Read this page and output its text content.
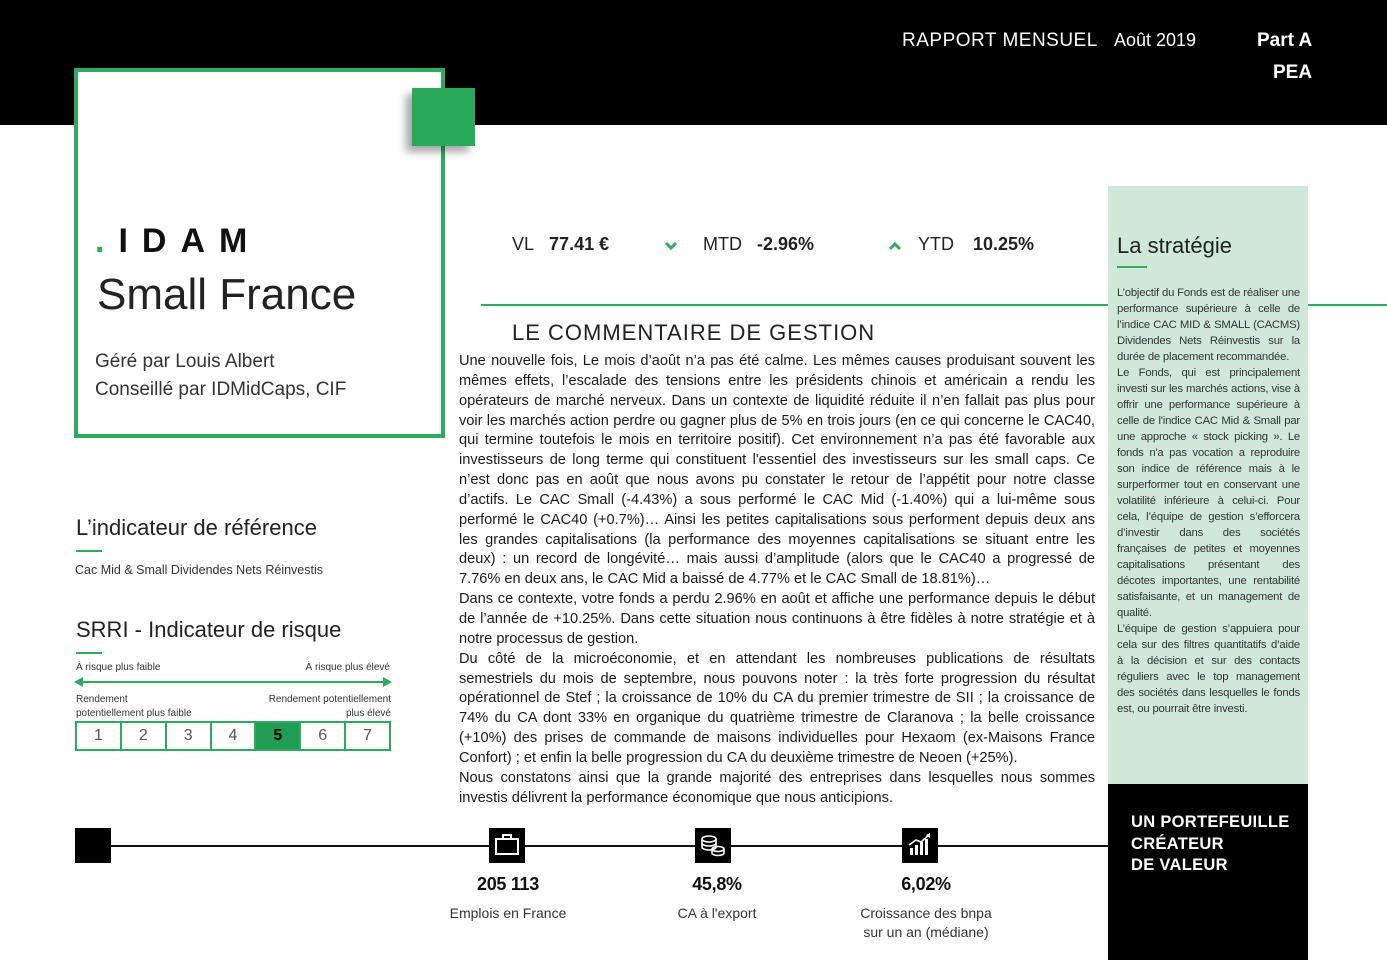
RAPPORT MENSUEL Août 2019	Part A
PEA
.IDAM
Small France
Géré par Louis Albert
Conseillé par IDMidCaps, CIF
VL 77.41 €	MTD -2.96%	YTD 10.25%
LE COMMENTAIRE DE GESTION

Une nouvelle fois, Le mois d’août n’a pas été calme. Les mêmes causes produisant souvent les mêmes effets, l’escalade des tensions entre les présidents chinois et américain a rendu les opérateurs de marché nerveux. Dans un contexte de liquidité réduite il n’en fallait pas plus pour voir les marchés action perdre ou gagner plus de 5% en trois jours (en ce qui concerne le CAC40, qui termine toutefois le mois en territoire positif). Cet environnement n’a pas été favorable aux investisseurs de long terme qui constituent l'essentiel des investisseurs sur les small caps. Ce n’est donc pas en août que nous avons pu constater le retour de l’appétit pour notre classe d’actifs. Le CAC Small (-4.43%) a sous performé le CAC Mid (-1.40%) qui a lui-même sous performé le CAC40 (+0.7%)… Ainsi les petites capitalisations sous performent depuis deux ans les grandes capitalisations (la performance des moyennes capitalisations se situant entre les deux) : un record de longévité… mais aussi d’amplitude (alors que le CAC40 a progressé de 7.76% en deux ans, le CAC Mid a baissé de 4.77% et le CAC Small de 18.81%)…

Dans ce contexte, votre fonds a perdu 2.96% en août et affiche une performance depuis le début de l’année de +10.25%. Dans cette situation nous continuons à être fidèles à notre stratégie et à notre processus de gestion.

Du côté de la microéconomie, et en attendant les nombreuses publications de résultats semestriels du mois de septembre, nous pouvons noter : la très forte progression du résultat opérationnel de Stef ; la croissance de 10% du CA du premier trimestre de SII ; la croissance de 74% du CA dont 33% en organique du quatrième trimestre de Claranova ; la belle croissance (+10%) des prises de commande de maisons individuelles pour Hexaom (ex-Maisons France Confort) ; et enfin la belle progression du CA du deuxième trimestre de Neoen (+25%).

Nous constatons ainsi que la grande majorité des entreprises dans lesquelles nous sommes investis délivrent la performance économique que nous anticipions.

La stratégie

L’objectif du Fonds est de réaliser une performance supérieure à celle de l’indice CAC MID & SMALL (CACMS) Dividendes Nets Réinvestis sur la durée de placement recommandée.

Le Fonds, qui est principalement investi sur les marchés actions, vise à offrir une performance supérieure à celle de l'indice CAC Mid & Small par une approche « stock picking ». Le fonds n'a pas vocation a reproduire son indice de référence mais à le surperformer tout en conservant une volatilité inférieure à celui-ci. Pour cela, l’équipe de gestion s’efforcera d’investir dans des sociétés françaises de petites et moyennes capitalisations présentant des décotes importantes, une rentabilité satisfaisante, et un management de qualité.

L’équipe de gestion s’appuiera pour cela sur des filtres quantitatifs d’aide à la décision et sur des contacts réguliers avec le top management des sociétés dans lesquelles le fonds est, ou pourrait être investi.

UN PORTEFEUILLE
CRÉATEUR
DE VALEUR
L’indicateur de référence
Cac Mid & Small Dividendes Nets Réinvestis
SRRI - Indicateur de risque
À risque plus faible	À risque plus élevé
Rendement
potentiellement plus faible
Rendement potentiellement
plus élevé
1	2	3	4	5	6	7
205 113
Emplois en France
45,8%
CA à l'export
6,02%
Croissance des bnpa
sur un an (médiane)
